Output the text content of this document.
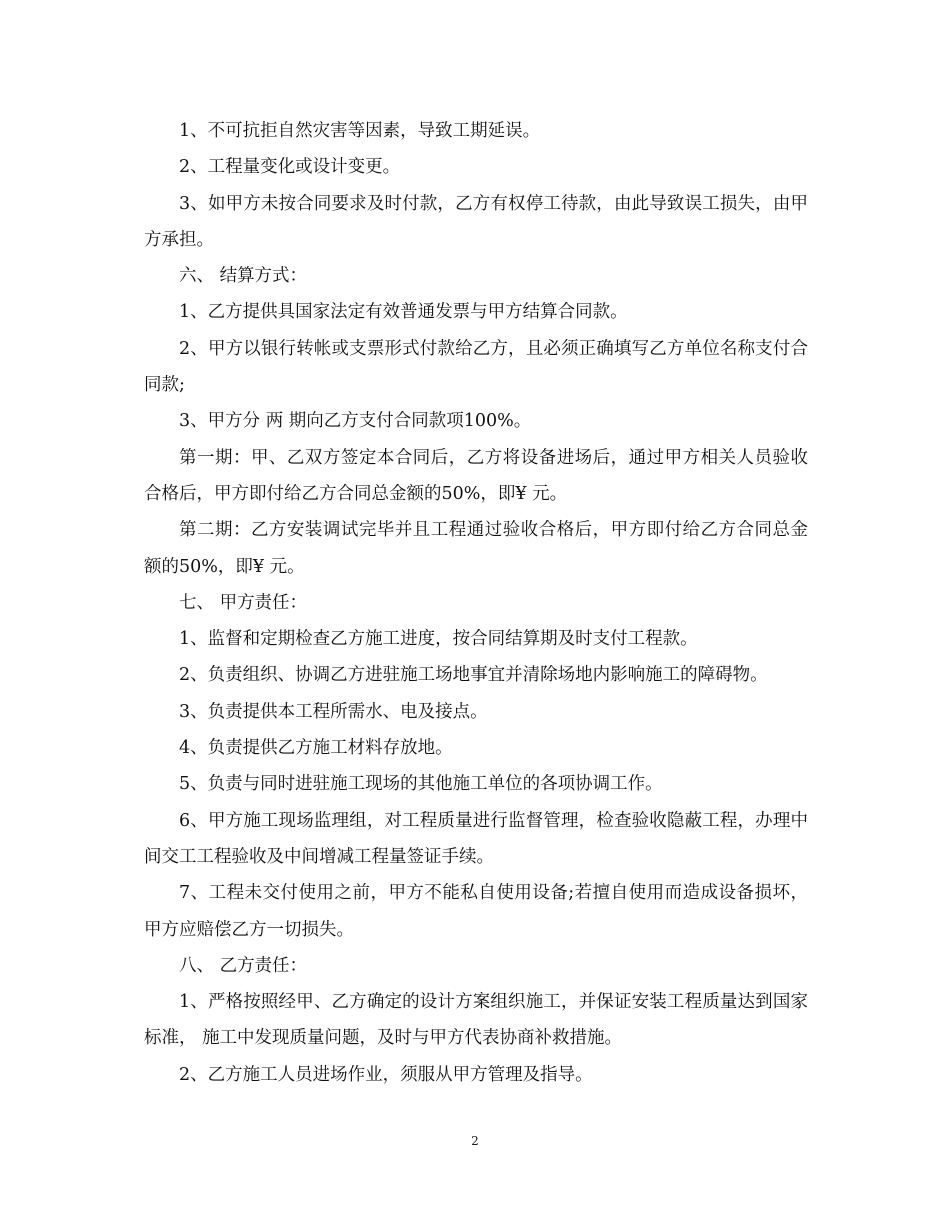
1、不可抗拒自然灾害等因素，导致工期延误。

2、工程量变化或设计变更。

3、如甲方未按合同要求及时付款，乙方有权停工待款，由此导致误工损失，由甲方承担。

六、 结算方式：

1、乙方提供具国家法定有效普通发票与甲方结算合同款。

2、甲方以银行转帐或支票形式付款给乙方，且必须正确填写乙方单位名称支付合同款;

3、甲方分 两 期向乙方支付合同款项100%。

第一期：甲、乙双方签定本合同后，乙方将设备进场后，通过甲方相关人员验收合格后，甲方即付给乙方合同总金额的50%，即¥ 元。

第二期：乙方安装调试完毕并且工程通过验收合格后，甲方即付给乙方合同总金额的50%，即¥ 元。

七、 甲方责任：

1、监督和定期检查乙方施工进度，按合同结算期及时支付工程款。

2、负责组织、协调乙方进驻施工场地事宜并清除场地内影响施工的障碍物。

3、负责提供本工程所需水、电及接点。

4、负责提供乙方施工材料存放地。

5、负责与同时进驻施工现场的其他施工单位的各项协调工作。

6、甲方施工现场监理组，对工程质量进行监督管理，检查验收隐蔽工程，办理中间交工工程验收及中间增减工程量签证手续。

7、工程未交付使用之前，甲方不能私自使用设备;若擅自使用而造成设备损坏，甲方应赔偿乙方一切损失。

八、 乙方责任：

1、严格按照经甲、乙方确定的设计方案组织施工，并保证安装工程质量达到国家标准， 施工中发现质量问题，及时与甲方代表协商补救措施。

2、乙方施工人员进场作业，须服从甲方管理及指导。

2
